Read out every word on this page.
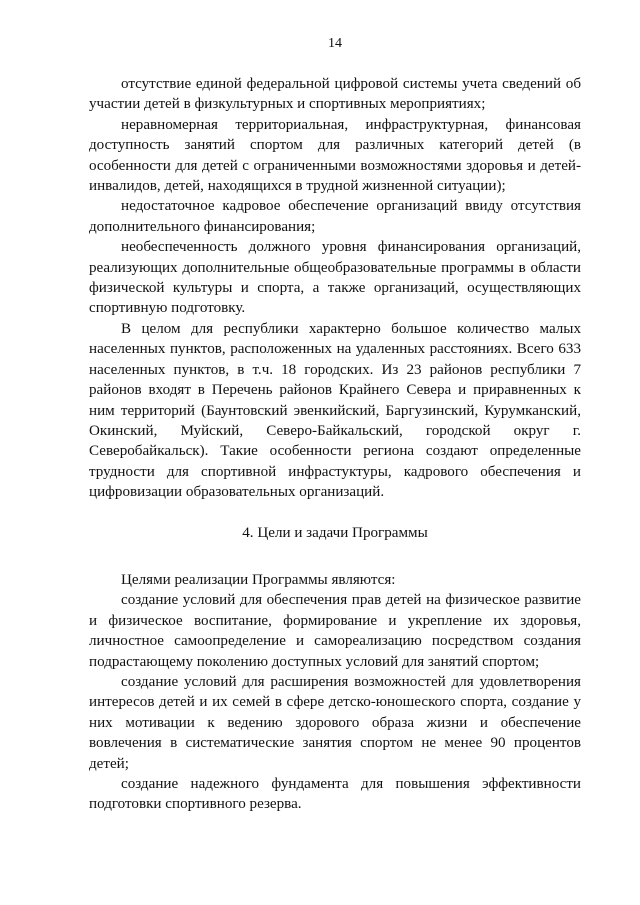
14

отсутствие единой федеральной цифровой системы учета сведений об участии детей в физкультурных и спортивных мероприятиях;

неравномерная территориальная, инфраструктурная, финансовая доступность занятий спортом для различных категорий детей (в особенности для детей с ограниченными возможностями здоровья и детей-инвалидов, детей, находящихся в трудной жизненной ситуации);

недостаточное кадровое обеспечение организаций ввиду отсутствия дополнительного финансирования;

необеспеченность должного уровня финансирования организаций, реализующих дополнительные общеобразовательные программы в области физической культуры и спорта, а также организаций, осуществляющих спортивную подготовку.

В целом для республики характерно большое количество малых населенных пунктов, расположенных на удаленных расстояниях. Всего 633 населенных пунктов, в т.ч. 18 городских. Из 23 районов республики 7 районов входят в Перечень районов Крайнего Севера и приравненных к ним территорий (Баунтовский эвенкийский, Баргузинский, Курумканский, Окинский, Муйский, Северо-Байкальский, городской округ г. Северобайкальск). Такие особенности региона создают определенные трудности для спортивной инфрастуктуры, кадрового обеспечения и цифровизации образовательных организаций.

4. Цели и задачи Программы

Целями реализации Программы являются:

создание условий для обеспечения прав детей на физическое развитие и физическое воспитание, формирование и укрепление их здоровья, личностное самоопределение и самореализацию посредством создания подрастающему поколению доступных условий для занятий спортом;

создание условий для расширения возможностей для удовлетворения интересов детей и их семей в сфере детско-юношеского спорта, создание у них мотивации к ведению здорового образа жизни и обеспечение вовлечения в систематические занятия спортом не менее 90 процентов детей;

создание надежного фундамента для повышения эффективности подготовки спортивного резерва.
